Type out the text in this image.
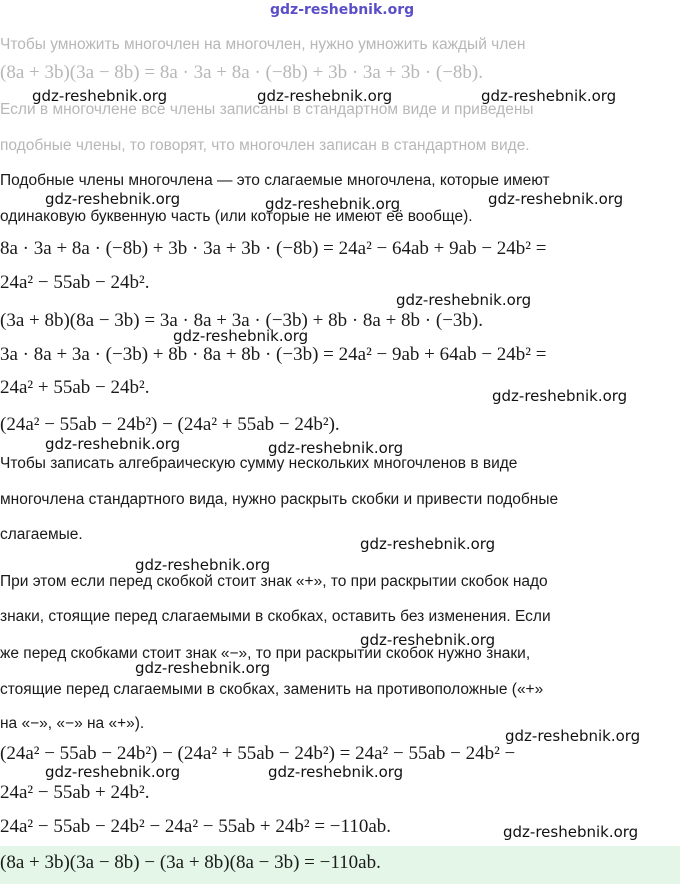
gdz-reshebnik.org
Чтобы умножить многочлен на многочлен, нужно умножить каждый член
(8a + 3b)(3a − 8b) = 8a · 3a + 8a · (−8b) + 3b · 3a + 3b · (−8b).
Если в многочлене все члены записаны в стандартном виде и приведены
подобные члены, то говорят, что многочлен записан в стандартном виде.
Подобные члены многочлена — это слагаемые многочлена, которые имеют
одинаковую буквенную часть (или которые не имеют её вообще).
8a · 3a + 8a · (−8b) + 3b · 3a + 3b · (−8b) = 24a² − 64ab + 9ab − 24b² =
24a² − 55ab − 24b².
(3a + 8b)(8a − 3b) = 3a · 8a + 3a · (−3b) + 8b · 8a + 8b · (−3b).
3a · 8a + 3a · (−3b) + 8b · 8a + 8b · (−3b) = 24a² − 9ab + 64ab − 24b² =
24a² + 55ab − 24b².
(24a² − 55ab − 24b²) − (24a² + 55ab − 24b²).
Чтобы записать алгебраическую сумму нескольких многочленов в виде
многочлена стандартного вида, нужно раскрыть скобки и привести подобные
слагаемые.
При этом если перед скобкой стоит знак «+», то при раскрытии скобок надо
знаки, стоящие перед слагаемыми в скобках, оставить без изменения. Если
же перед скобками стоит знак «−», то при раскрытии скобок нужно знаки,
стоящие перед слагаемыми в скобках, заменить на противоположные («+»
на «−», «−» на «+»).
(24a² − 55ab − 24b²) − (24a² + 55ab − 24b²) = 24a² − 55ab − 24b² −
24a² − 55ab + 24b².
24a² − 55ab − 24b² − 24a² − 55ab + 24b² = −110ab.
(8a + 3b)(3a − 8b) − (3a + 8b)(8a − 3b) = −110ab.
gdz-reshebnik.org	gdz-reshebnik.org	gdz-reshebnik.org
gdz-reshebnik.org	gdz-reshebnik.org	gdz-reshebnik.org
gdz-reshebnik.org
gdz-reshebnik.org
gdz-reshebnik.org
gdz-reshebnik.org	gdz-reshebnik.org
gdz-reshebnik.org
gdz-reshebnik.org
gdz-reshebnik.org
gdz-reshebnik.org
gdz-reshebnik.org
gdz-reshebnik.org	gdz-reshebnik.org
gdz-reshebnik.org
